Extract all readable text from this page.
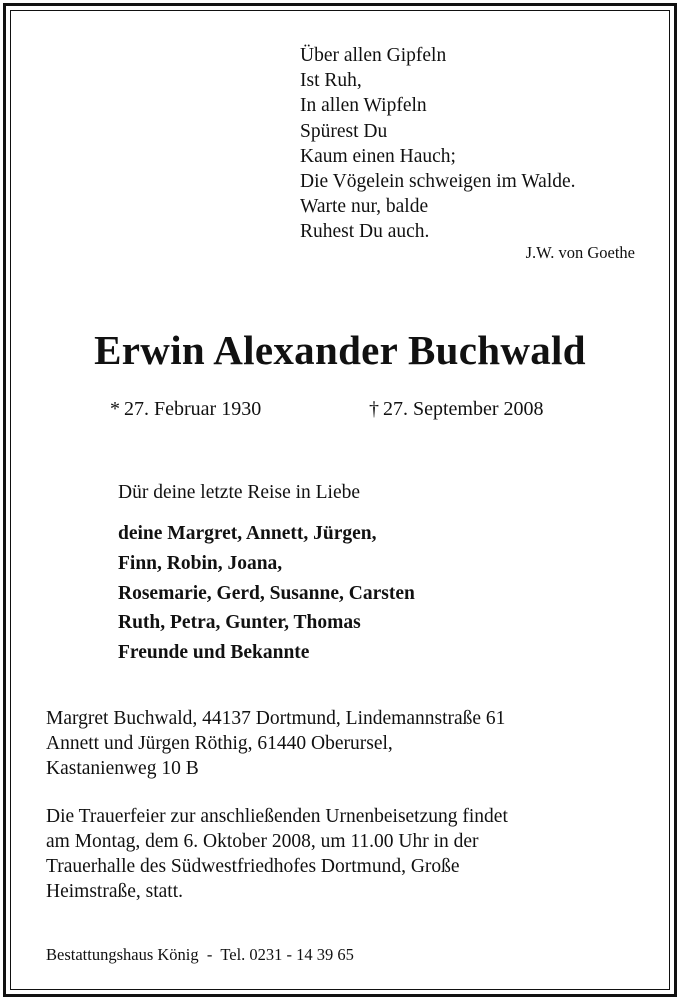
Über allen Gipfeln
Ist Ruh,
In allen Wipfeln
Spürest Du
Kaum einen Hauch;
Die Vögelein schweigen im Walde.
Warte nur, balde
Ruhest Du auch.
J.W. von Goethe
Erwin Alexander Buchwald
* 27. Februar 1930	† 27. September 2008
Dür deine letzte Reise in Liebe
deine Margret, Annett, Jürgen,
Finn, Robin, Joana,
Rosemarie, Gerd, Susanne, Carsten
Ruth, Petra, Gunter, Thomas
Freunde und Bekannte
Margret Buchwald, 44137 Dortmund, Lindemannstraße 61
Annett und Jürgen Röthig, 61440 Oberursel,
Kastanienweg 10 B
Die Trauerfeier zur anschließenden Urnenbeisetzung findet
am Montag, dem 6. Oktober 2008, um 11.00 Uhr in der
Trauerhalle des Südwestfriedhofes Dortmund, Große
Heimstraße, statt.
Bestattungshaus König  -  Tel. 0231 - 14 39 65
